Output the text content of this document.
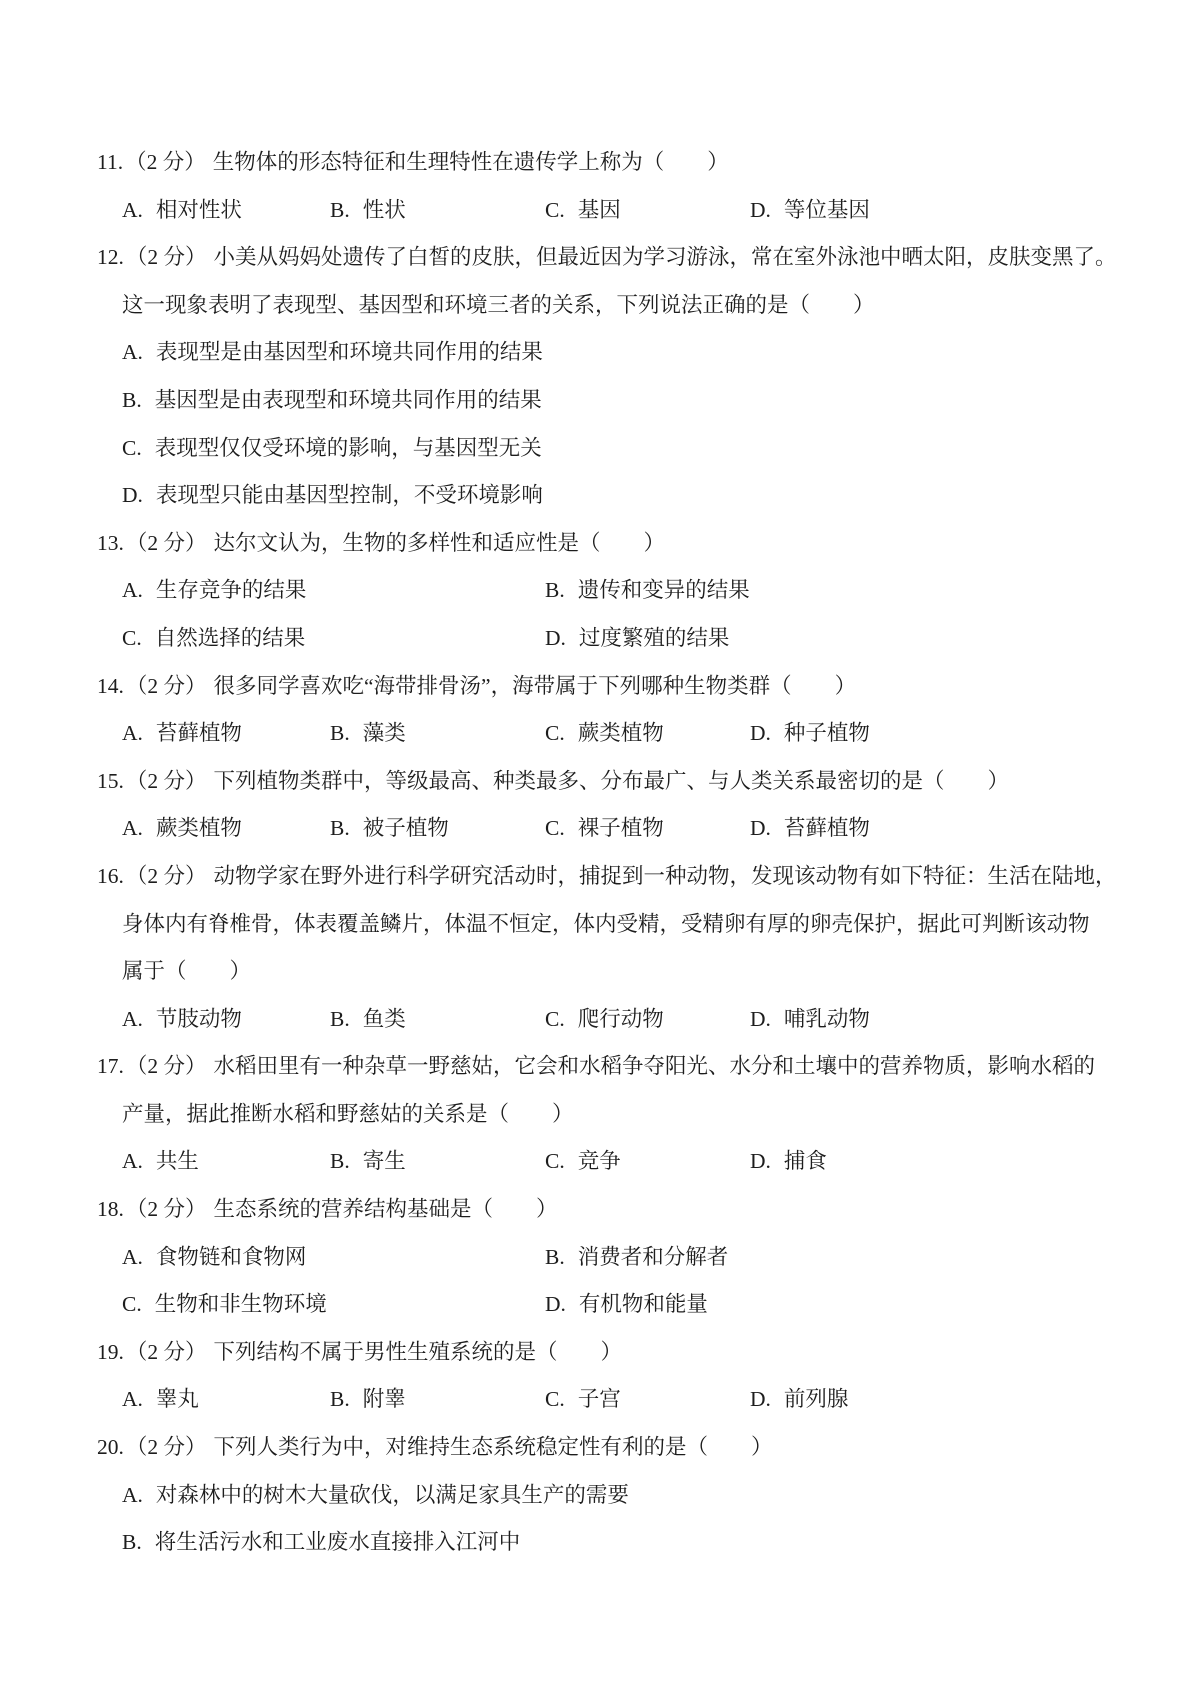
11.（2 分） 生物体的形态特征和生理特性在遗传学上称为（　　）
A. 相对性状	B. 性状	C. 基因	D. 等位基因
12.（2 分） 小美从妈妈处遗传了白皙的皮肤，但最近因为学习游泳，常在室外泳池中晒太阳，皮肤变黑了。
这一现象表明了表现型、基因型和环境三者的关系，下列说法正确的是（　　）
A. 表现型是由基因型和环境共同作用的结果
B. 基因型是由表现型和环境共同作用的结果
C. 表现型仅仅受环境的影响，与基因型无关
D. 表现型只能由基因型控制，不受环境影响
13.（2 分） 达尔文认为，生物的多样性和适应性是（　　）
A. 生存竞争的结果	B. 遗传和变异的结果
C. 自然选择的结果	D. 过度繁殖的结果
14.（2 分） 很多同学喜欢吃“海带排骨汤”，海带属于下列哪种生物类群（　　）
A. 苔藓植物	B. 藻类	C. 蕨类植物	D. 种子植物
15.（2 分） 下列植物类群中，等级最高、种类最多、分布最广、与人类关系最密切的是（　　）
A. 蕨类植物	B. 被子植物	C. 裸子植物	D. 苔藓植物
16.（2 分） 动物学家在野外进行科学研究活动时，捕捉到一种动物，发现该动物有如下特征：生活在陆地，
身体内有脊椎骨，体表覆盖鳞片，体温不恒定，体内受精，受精卵有厚的卵壳保护，据此可判断该动物
属于（　　）
A. 节肢动物	B. 鱼类	C. 爬行动物	D. 哺乳动物
17.（2 分） 水稻田里有一种杂草一野慈姑，它会和水稻争夺阳光、水分和土壤中的营养物质，影响水稻的
产量，据此推断水稻和野慈姑的关系是（　　）
A. 共生	B. 寄生	C. 竞争	D. 捕食
18.（2 分） 生态系统的营养结构基础是（　　）
A. 食物链和食物网	B. 消费者和分解者
C. 生物和非生物环境	D. 有机物和能量
19.（2 分） 下列结构不属于男性生殖系统的是（　　）
A. 睾丸	B. 附睾	C. 子宫	D. 前列腺
20.（2 分） 下列人类行为中，对维持生态系统稳定性有利的是（　　）
A. 对森林中的树木大量砍伐，以满足家具生产的需要
B. 将生活污水和工业废水直接排入江河中
